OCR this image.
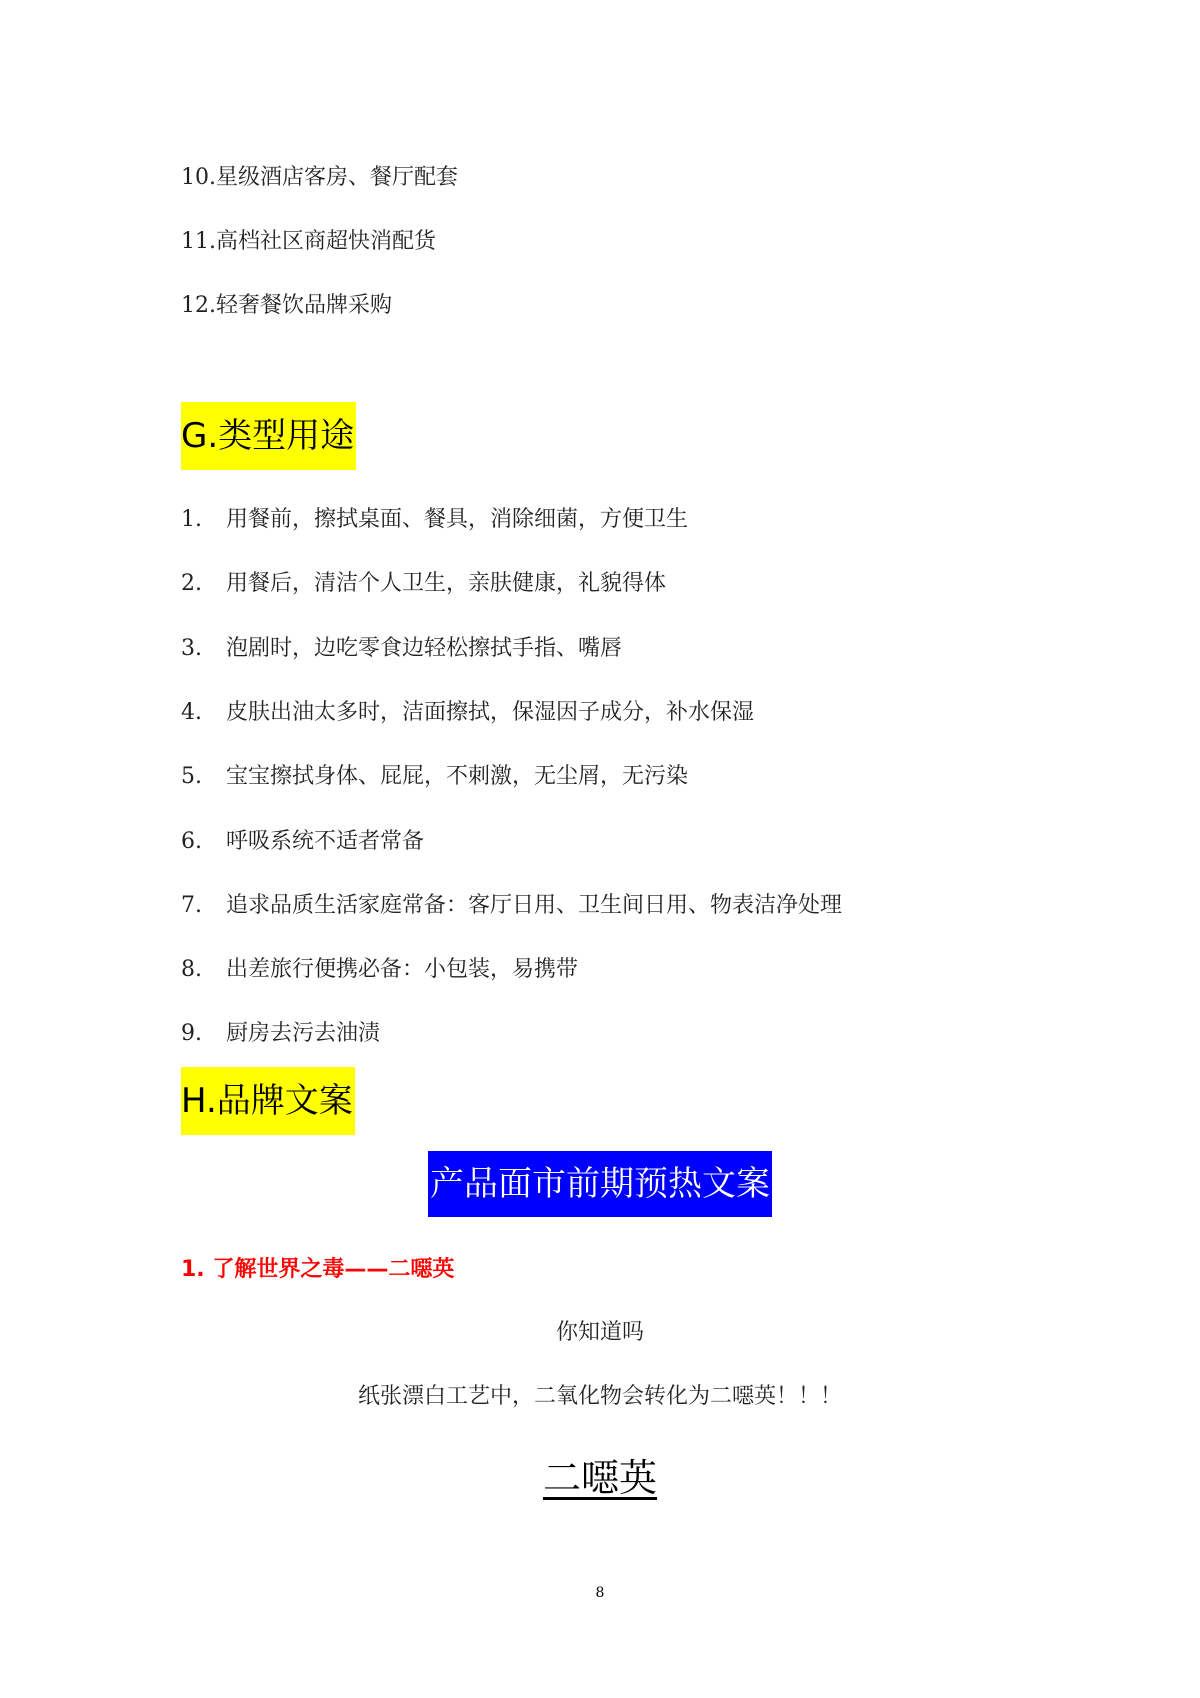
10.星级酒店客房、餐厅配套
11.高档社区商超快消配货
12.轻奢餐饮品牌采购
G.类型用途
1. 用餐前，擦拭桌面、餐具，消除细菌，方便卫生
2. 用餐后，清洁个人卫生，亲肤健康，礼貌得体
3. 泡剧时，边吃零食边轻松擦拭手指、嘴唇
4. 皮肤出油太多时，洁面擦拭，保湿因子成分，补水保湿
5. 宝宝擦拭身体、屁屁，不刺激，无尘屑，无污染
6. 呼吸系统不适者常备
7. 追求品质生活家庭常备：客厅日用、卫生间日用、物表洁净处理
8. 出差旅行便携必备：小包装，易携带
9. 厨房去污去油渍
H.品牌文案
产品面市前期预热文案
1. 了解世界之毒——二噁英
你知道吗
纸张漂白工艺中，二氧化物会转化为二噁英！！！
二噁英
8
